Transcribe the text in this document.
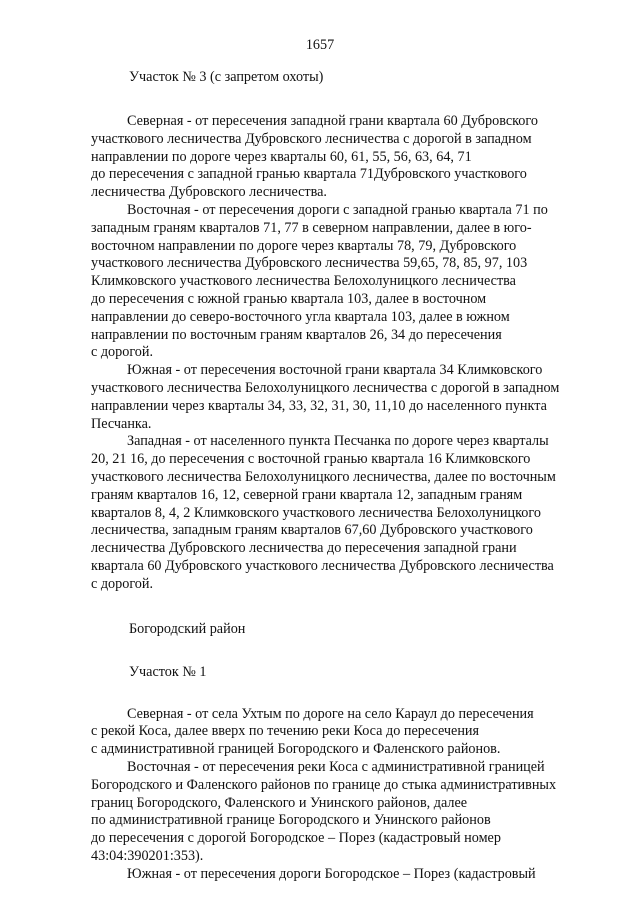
1657
Участок № 3 (с запретом охоты)
Северная - от пересечения западной грани квартала 60 Дубровского
участкового лесничества Дубровского лесничества с дорогой в западном
направлении по дороге через кварталы 60, 61, 55, 56, 63, 64, 71
до пересечения с западной гранью квартала 71Дубровского участкового
лесничества Дубровского лесничества.
Восточная - от пересечения дороги с западной гранью квартала 71 по
западным граням кварталов 71, 77 в северном направлении, далее в юго-
восточном направлении по дороге через кварталы 78, 79, Дубровского
участкового лесничества Дубровского лесничества 59,65, 78, 85, 97, 103
Климковского участкового лесничества Белохолуницкого лесничества
до пересечения с южной гранью квартала 103, далее в восточном
направлении до северо-восточного угла квартала 103, далее в южном
направлении по восточным граням кварталов 26, 34 до пересечения
с дорогой.
Южная - от пересечения восточной грани квартала 34 Климковского
участкового лесничества Белохолуницкого лесничества с дорогой в западном
направлении через кварталы 34, 33, 32, 31, 30, 11,10 до населенного пункта
Песчанка.
Западная - от населенного пункта Песчанка по дороге через кварталы
20, 21 16, до пересечения с восточной гранью квартала 16 Климковского
участкового лесничества Белохолуницкого лесничества, далее по восточным
граням кварталов 16, 12, северной грани квартала 12, западным граням
кварталов 8, 4, 2 Климковского участкового лесничества Белохолуницкого
лесничества, западным граням кварталов 67,60 Дубровского участкового
лесничества Дубровского лесничества до пересечения западной грани
квартала 60 Дубровского участкового лесничества Дубровского лесничества
с дорогой.
Богородский район
Участок № 1
Северная - от села Ухтым по дороге на село Караул до пересечения
с рекой Коса, далее вверх по течению реки Коса до пересечения
с административной границей Богородского и Фаленского районов.
Восточная - от пересечения реки Коса с административной границей
Богородского и Фаленского районов по границе до стыка административных
границ Богородского, Фаленского и Унинского районов, далее
по административной границе Богородского и Унинского районов
до пересечения с дорогой Богородское – Порез (кадастровый номер
43:04:390201:353).
Южная - от пересечения дороги Богородское – Порез (кадастровый
